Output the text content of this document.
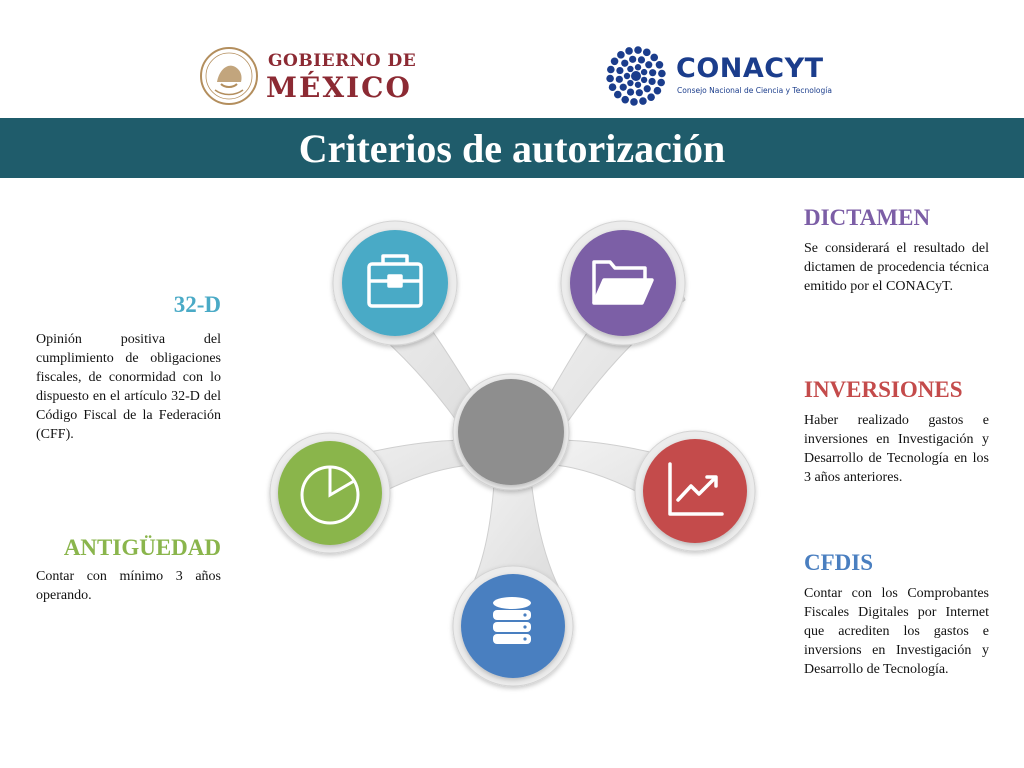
GOBIERNO DE
MÉXICO
CONACYT
Consejo Nacional de Ciencia y Tecnología
Criterios de autorización
32-D

Opinión positiva del cumplimiento de obligaciones fiscales, de conormidad con lo dispuesto en el artículo 32-D del Código Fiscal de la Federación (CFF).

ANTIGÜEDAD

Contar con mínimo 3 años operando.

DICTAMEN

Se considerará el resultado del dictamen de procedencia técnica emitido por el CONACyT.

INVERSIONES

Haber realizado gastos e inversiones en Investigación y Desarrollo de Tecnología en los 3 años anteriores.

CFDIS

Contar con los Comprobantes Fiscales Digitales por Internet que acrediten los gastos e inversions en Investigación y Desarrollo de Tecnología.
